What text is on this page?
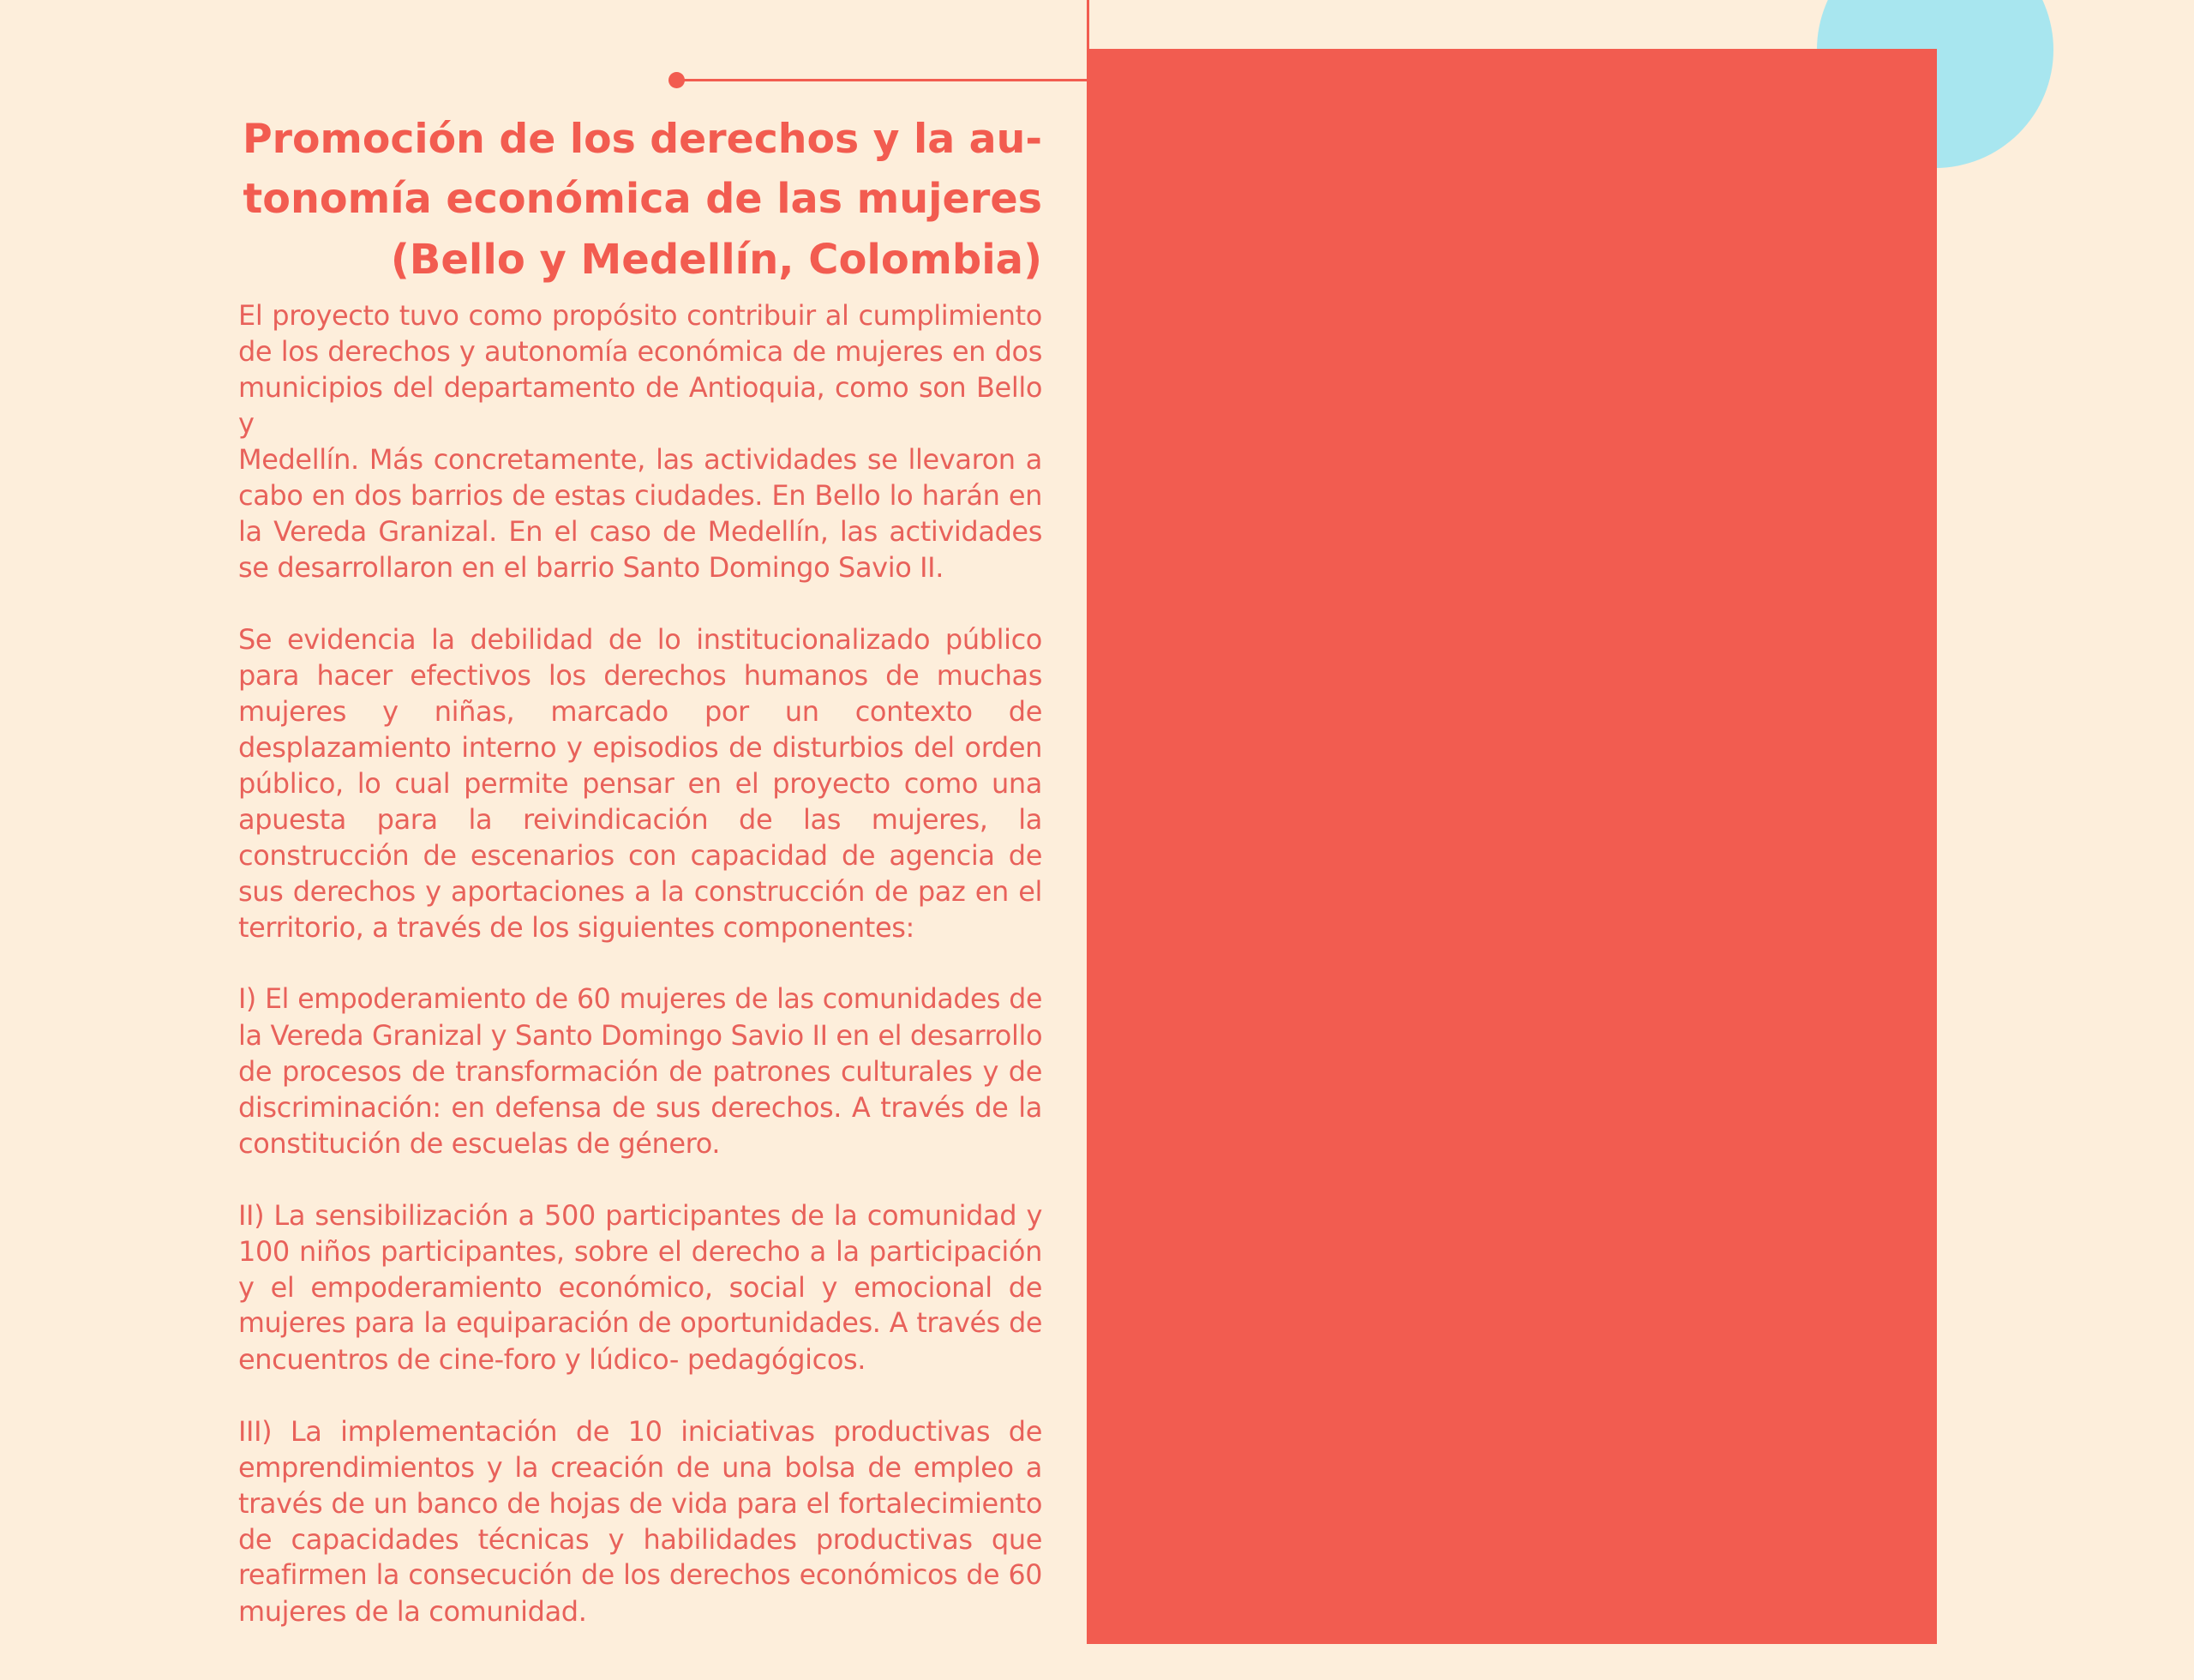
Promoción de los derechos y la au-
tonomía económica de las mujeres
(Bello y Medellín, Colombia)

El proyecto tuvo como propósito contribuir al cumplimiento
de los derechos y autonomía económica de mujeres en dos
municipios del departamento de Antioquia, como son Bello
y
Medellín. Más concretamente, las actividades se llevaron a
cabo en dos barrios de estas ciudades. En Bello lo harán en
la Vereda Granizal. En el caso de Medellín, las actividades
se desarrollaron en el barrio Santo Domingo Savio II.

Se evidencia la debilidad de lo institucionalizado público
para hacer efectivos los derechos humanos de muchas
mujeres y niñas, marcado por un contexto de
desplazamiento interno y episodios de disturbios del orden
público, lo cual permite pensar en el proyecto como una
apuesta para la reivindicación de las mujeres, la
construcción de escenarios con capacidad de agencia de
sus derechos y aportaciones a la construcción de paz en el
territorio, a través de los siguientes componentes:

I) El empoderamiento de 60 mujeres de las comunidades de
la Vereda Granizal y Santo Domingo Savio II en el desarrollo
de procesos de transformación de patrones culturales y de
discriminación: en defensa de sus derechos. A través de la
constitución de escuelas de género.

II) La sensibilización a 500 participantes de la comunidad y
100 niños participantes, sobre el derecho a la participación
y el empoderamiento económico, social y emocional de
mujeres para la equiparación de oportunidades. A través de
encuentros de cine-foro y lúdico- pedagógicos.

III) La implementación de 10 iniciativas productivas de
emprendimientos y la creación de una bolsa de empleo a
través de un banco de hojas de vida para el fortalecimiento
de capacidades técnicas y habilidades productivas que
reafirmen la consecución de los derechos económicos de 60
mujeres de la comunidad.
